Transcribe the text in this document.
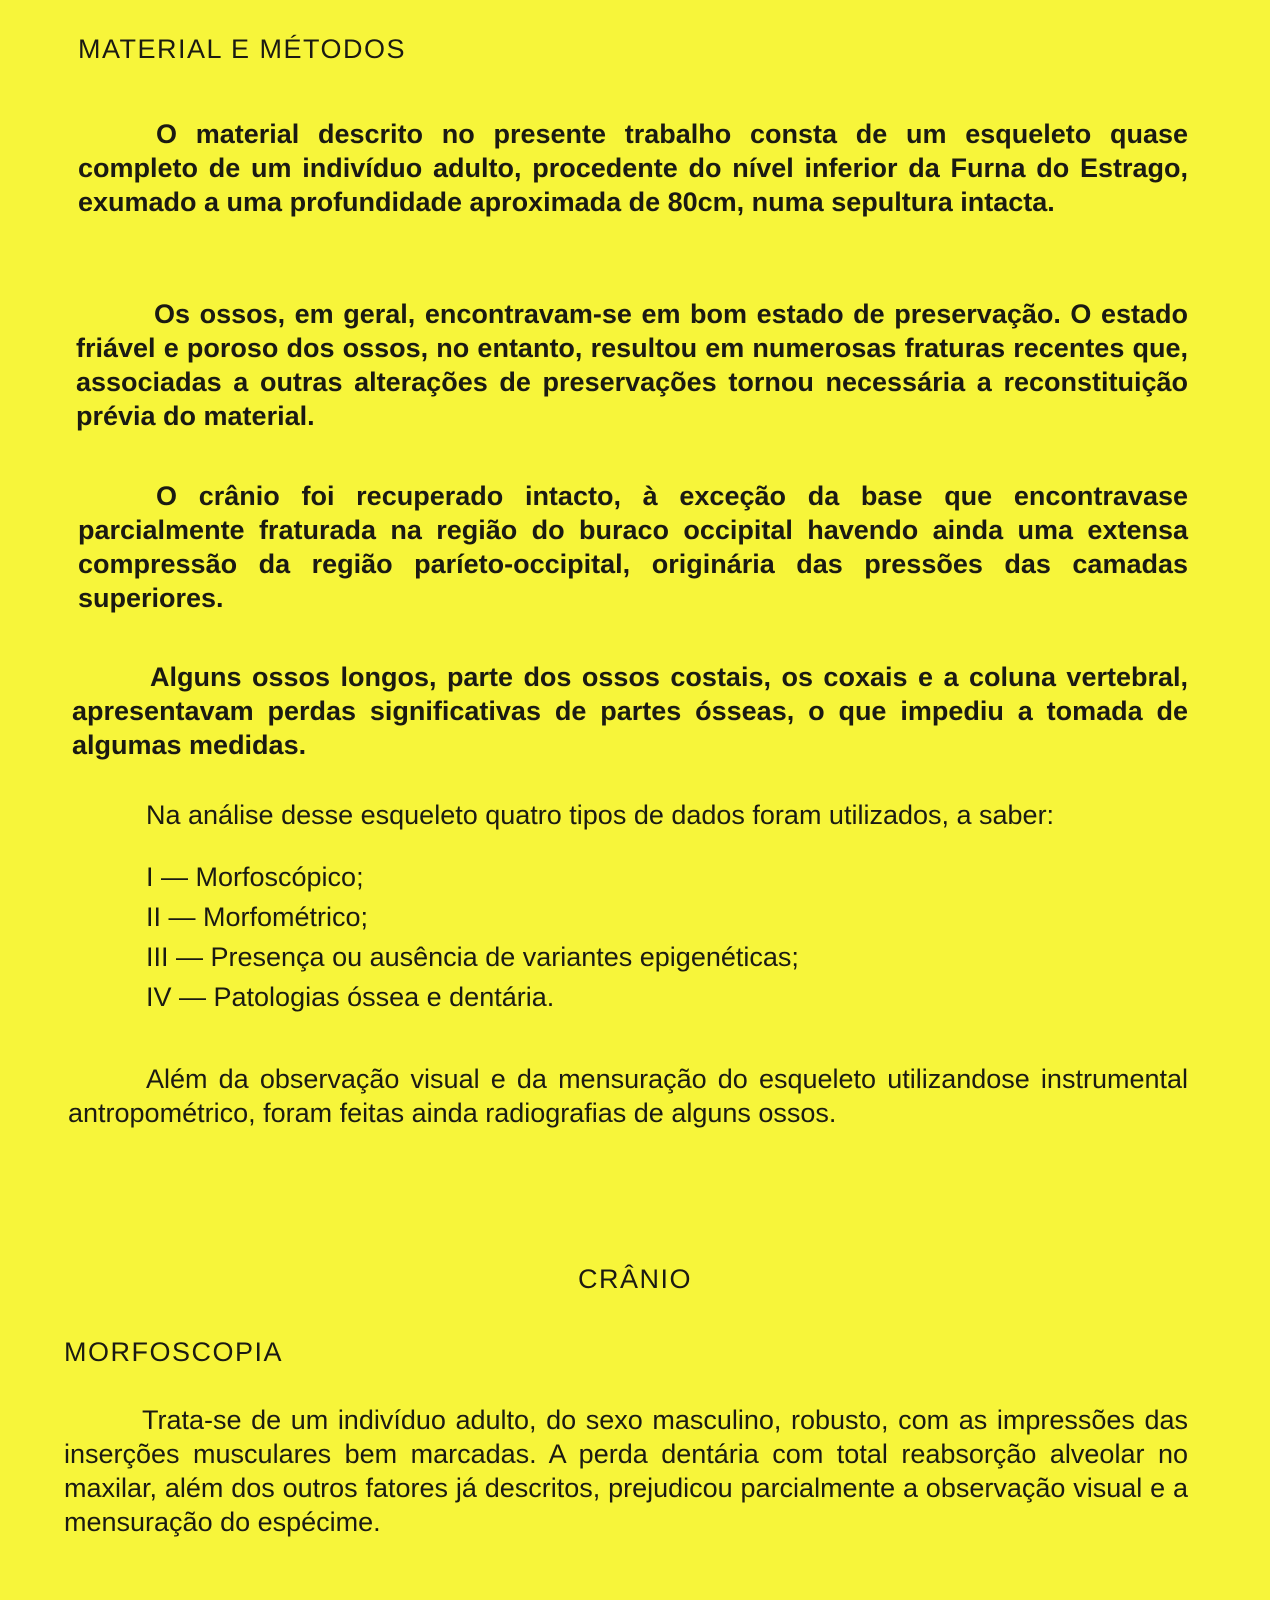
MATERIAL E MÉTODOS

O material descrito no presente trabalho consta de um esqueleto quase completo de um indivíduo adulto, procedente do nível inferior da Furna do Estrago, exumado a uma profundidade aproximada de 80cm, numa sepultura intacta.

Os ossos, em geral, encontravam-se em bom estado de preservação. O estado friável e poroso dos ossos, no entanto, resultou em numerosas fraturas recentes que, associadas a outras alterações de preservações tornou necessária a reconstituição prévia do material.

O crânio foi recuperado intacto, à exceção da base que encontravase parcialmente fraturada na região do buraco occipital havendo ainda uma extensa compressão da região paríeto-occipital, originária das pressões das camadas superiores.

Alguns ossos longos, parte dos ossos costais, os coxais e a coluna vertebral, apresentavam perdas significativas de partes ósseas, o que impediu a tomada de algumas medidas.

Na análise desse esqueleto quatro tipos de dados foram utilizados, a saber:

I — Morfoscópico;
II — Morfométrico;
III — Presença ou ausência de variantes epigenéticas;
IV — Patologias óssea e dentária.

Além da observação visual e da mensuração do esqueleto utilizandose instrumental antropométrico, foram feitas ainda radiografias de alguns ossos.

CRÂNIO
MORFOSCOPIA

Trata-se de um indivíduo adulto, do sexo masculino, robusto, com as impressões das inserções musculares bem marcadas. A perda dentária com total reabsorção alveolar no maxilar, além dos outros fatores já descritos, prejudicou parcialmente a observação visual e a mensuração do espécime.
